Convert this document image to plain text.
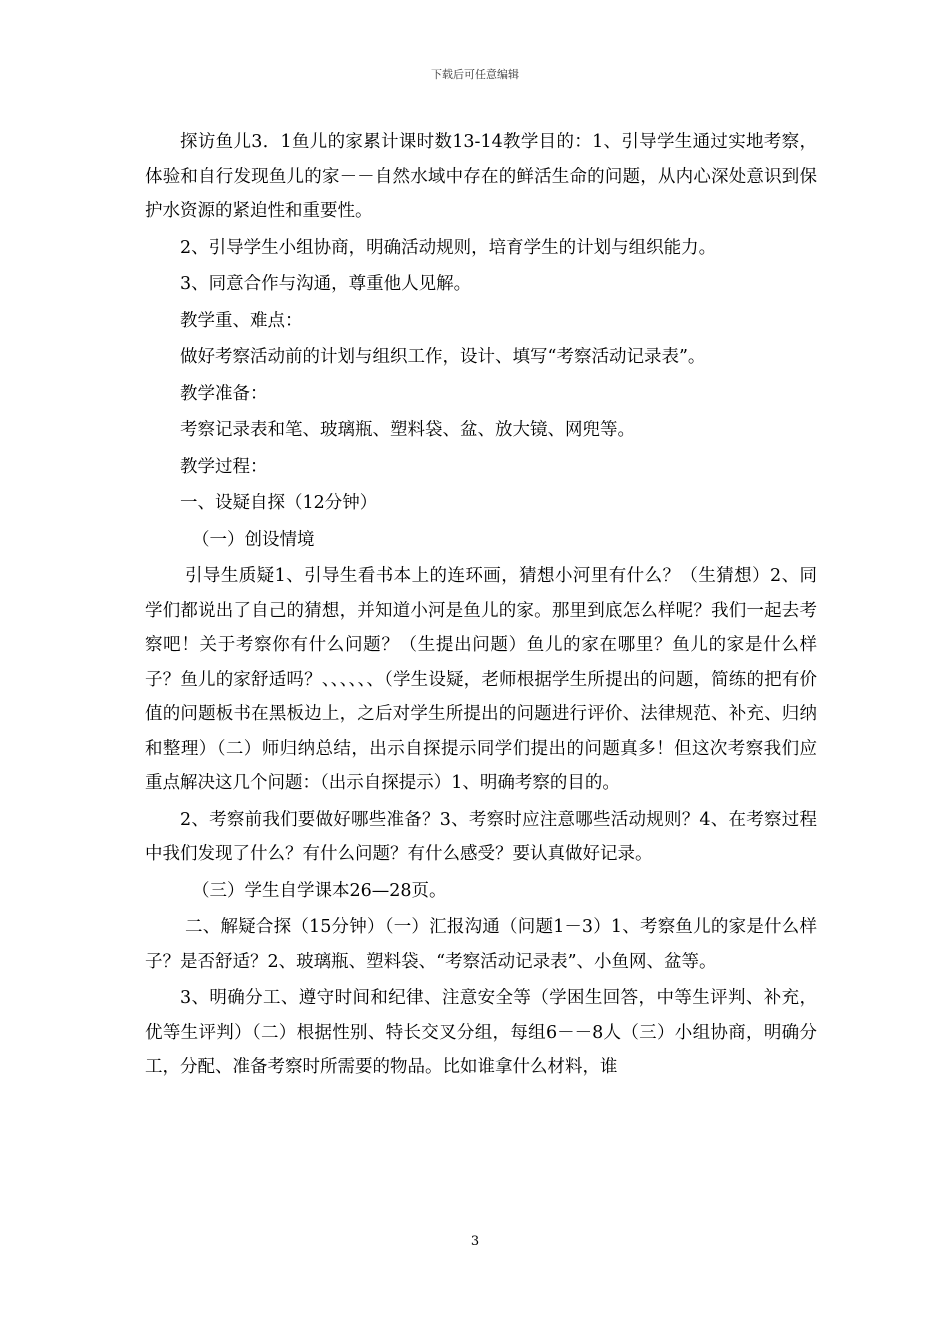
下载后可任意编辑

探访鱼儿3．1鱼儿的家累计课时数13-14教学目的：1、引导学生通过实地考察，体验和自行发现鱼儿的家－－自然水域中存在的鲜活生命的问题，从内心深处意识到保护水资源的紧迫性和重要性。

2、引导学生小组协商，明确活动规则，培育学生的计划与组织能力。

3、同意合作与沟通，尊重他人见解。

教学重、难点：

做好考察活动前的计划与组织工作，设计、填写“考察活动记录表”。

教学准备：

考察记录表和笔、玻璃瓶、塑料袋、盆、放大镜、网兜等。

教学过程：

一、设疑自探（12分钟）

（一）创设情境

引导生质疑1、引导生看书本上的连环画，猜想小河里有什么？（生猜想）2、同学们都说出了自己的猜想，并知道小河是鱼儿的家。那里到底怎么样呢？我们一起去考察吧！关于考察你有什么问题？（生提出问题）鱼儿的家在哪里？鱼儿的家是什么样子？鱼儿的家舒适吗？、、、、、、（学生设疑，老师根据学生所提出的问题，简练的把有价值的问题板书在黑板边上，之后对学生所提出的问题进行评价、法律规范、补充、归纳和整理）（二）师归纳总结，出示自探提示同学们提出的问题真多！但这次考察我们应重点解决这几个问题：（出示自探提示）1、明确考察的目的。

2、考察前我们要做好哪些准备？3、考察时应注意哪些活动规则？4、在考察过程中我们发现了什么？有什么问题？有什么感受？要认真做好记录。

（三）学生自学课本26—28页。

二、解疑合探（15分钟）（一）汇报沟通（问题1－3）1、考察鱼儿的家是什么样子？是否舒适？2、玻璃瓶、塑料袋、“考察活动记录表”、小鱼网、盆等。

3、明确分工、遵守时间和纪律、注意安全等（学困生回答，中等生评判、补充，优等生评判）（二）根据性别、特长交叉分组，每组6－－8人（三）小组协商，明确分工，分配、准备考察时所需要的物品。比如谁拿什么材料，谁

3
